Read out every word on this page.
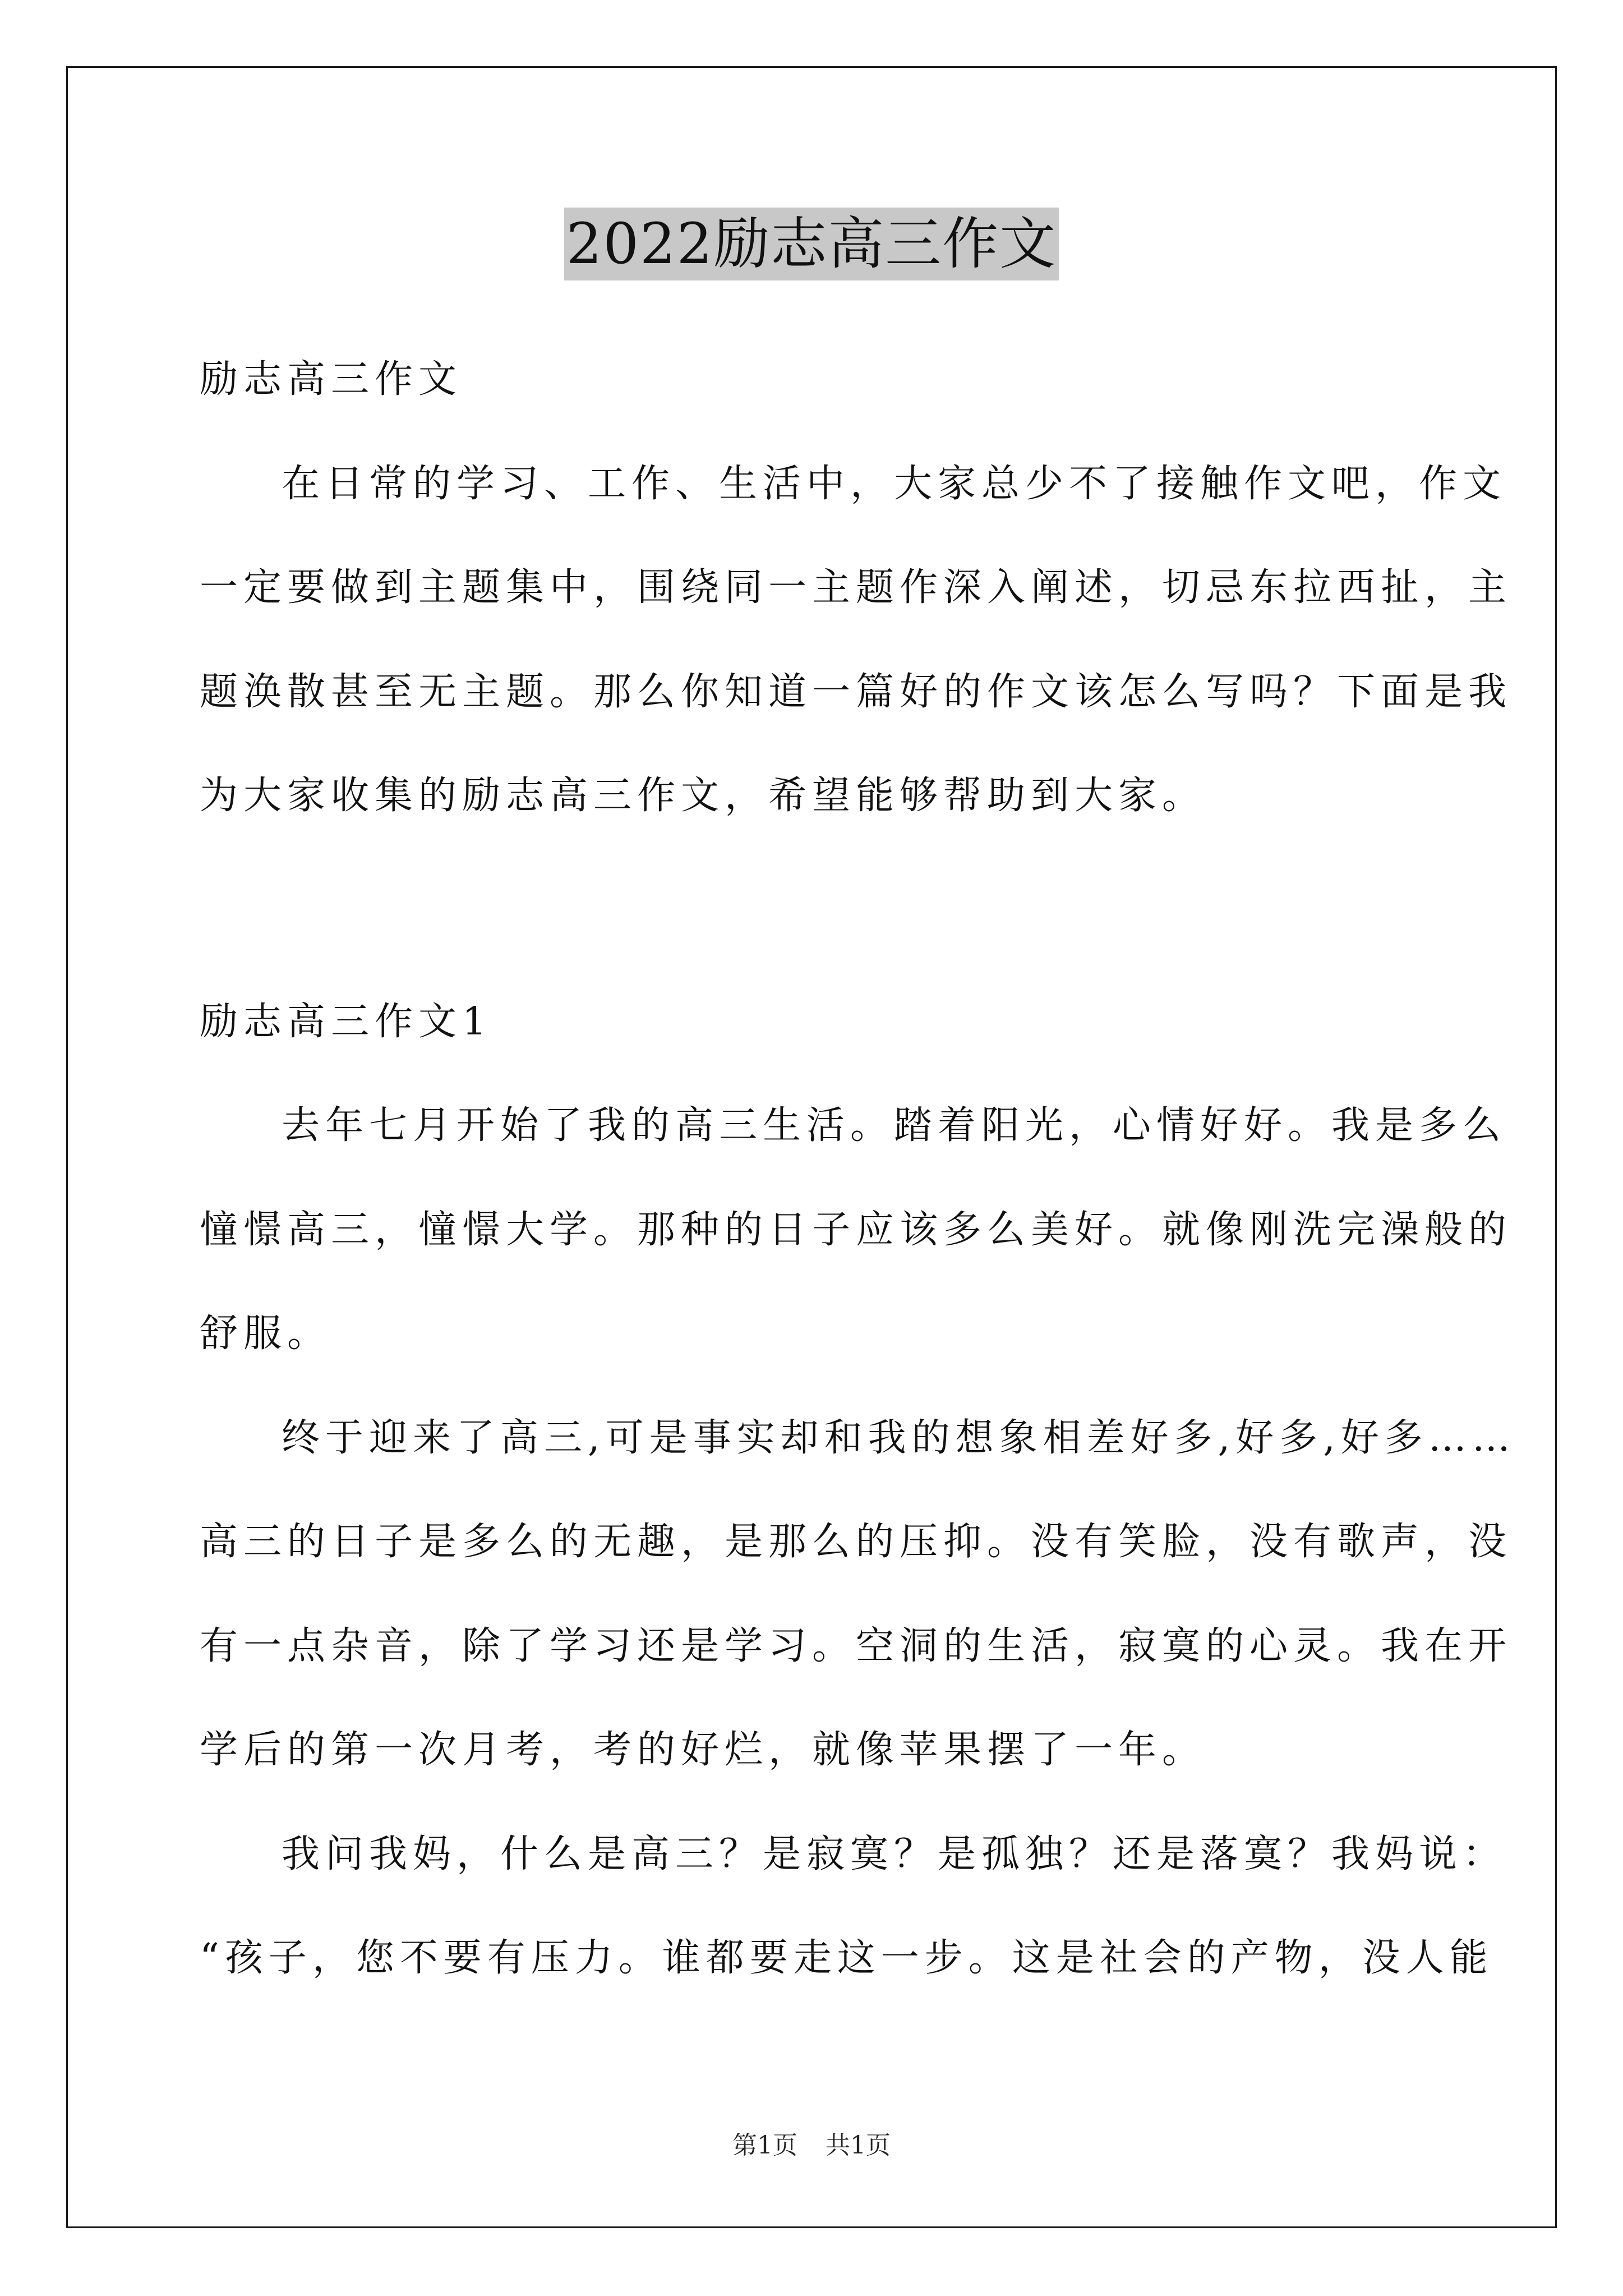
2022励志高三作文
励志高三作文
在日常的学习、工作、生活中，大家总少不了接触作文吧，作文
一定要做到主题集中，围绕同一主题作深入阐述，切忌东拉西扯，主
题涣散甚至无主题。那么你知道一篇好的作文该怎么写吗？下面是我
为大家收集的励志高三作文，希望能够帮助到大家。
励志高三作文1
去年七月开始了我的高三生活。踏着阳光，心情好好。我是多么
憧憬高三，憧憬大学。那种的日子应该多么美好。就像刚洗完澡般的
舒服。
终于迎来了高三,可是事实却和我的想象相差好多,好多,好多……
高三的日子是多么的无趣，是那么的压抑。没有笑脸，没有歌声，没
有一点杂音，除了学习还是学习。空洞的生活，寂寞的心灵。我在开
学后的第一次月考，考的好烂，就像苹果摆了一年。
我问我妈，什么是高三？是寂寞？是孤独？还是落寞？我妈说：
“孩子，您不要有压力。谁都要走这一步。这是社会的产物，没人能
第1页 共1页
